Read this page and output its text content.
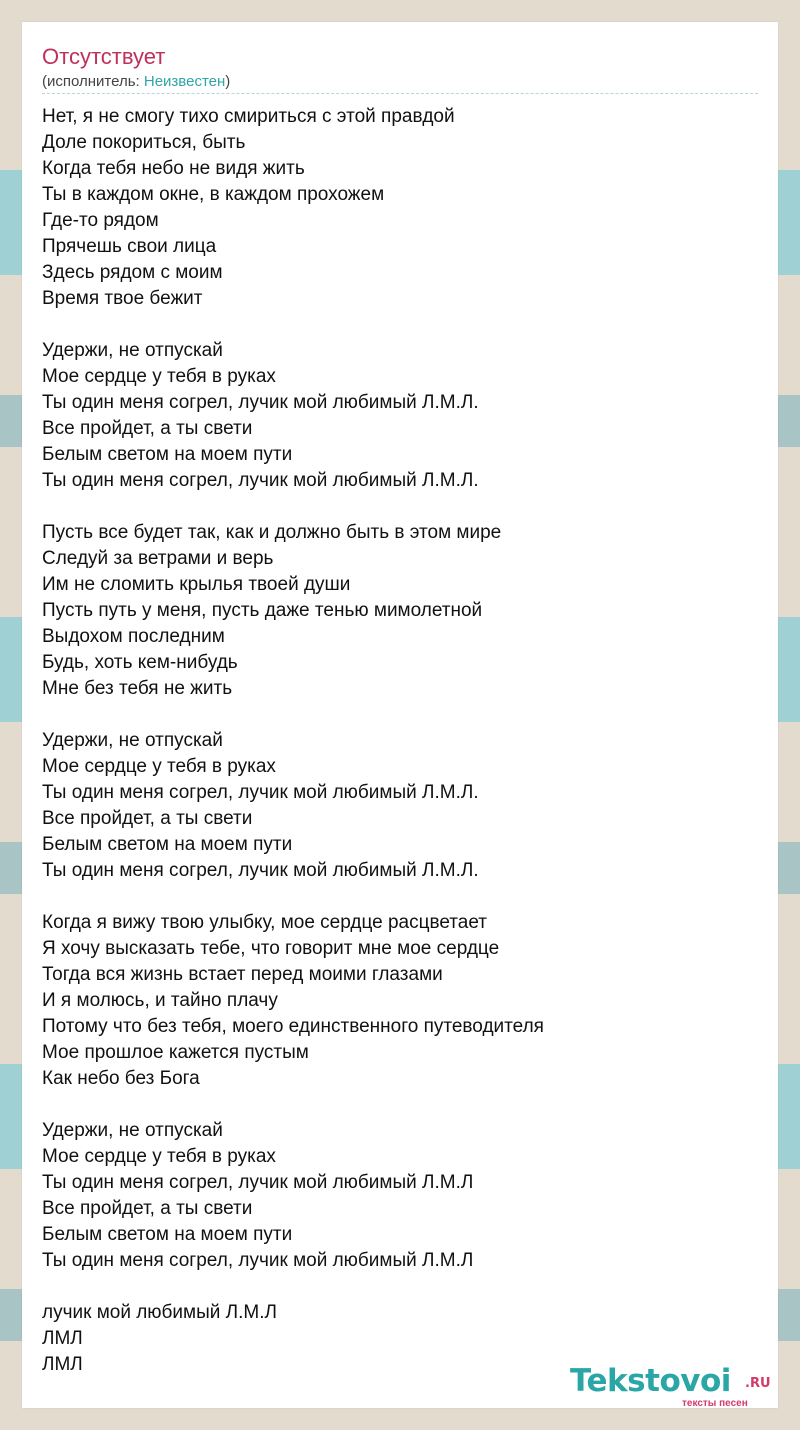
Отсутствует
(исполнитель: Неизвестен)
Нет, я не смогу тихо смириться с этой правдой
Доле покориться, быть
Когда тебя небо не видя жить
Ты в каждом окне, в каждом прохожем
Где-то рядом
Прячешь свои лица
Здесь рядом с моим
Время твое бежит
Удержи, не отпускай
Мое сердце у тебя в руках
Ты один меня согрел, лучик мой любимый Л.М.Л.
Все пройдет, а ты свети
Белым светом на моем пути
Ты один меня согрел, лучик мой любимый Л.М.Л.
Пусть все будет так, как и должно быть в этом мире
Следуй за ветрами и верь
Им не сломить крылья твоей души
Пусть путь у меня, пусть даже тенью мимолетной
Выдохом последним
Будь, хоть кем-нибудь
Мне без тебя не жить
Удержи, не отпускай
Мое сердце у тебя в руках
Ты один меня согрел, лучик мой любимый Л.М.Л.
Все пройдет, а ты свети
Белым светом на моем пути
Ты один меня согрел, лучик мой любимый Л.М.Л.
Когда я вижу твою улыбку, мое сердце расцветает
Я хочу высказать тебе, что говорит мне мое сердце
Тогда вся жизнь встает перед моими глазами
И я молюсь, и тайно плачу
Потому что без тебя, моего единственного путеводителя
Мое прошлое кажется пустым
Как небо без Бога
Удержи, не отпускай
Мое сердце у тебя в руках
Ты один меня согрел, лучик мой любимый Л.М.Л
Все пройдет, а ты свети
Белым светом на моем пути
Ты один меня согрел, лучик мой любимый Л.М.Л
лучик мой любимый Л.М.Л
ЛМЛ
ЛМЛ	Tekstovoi .RU
тексты песен
